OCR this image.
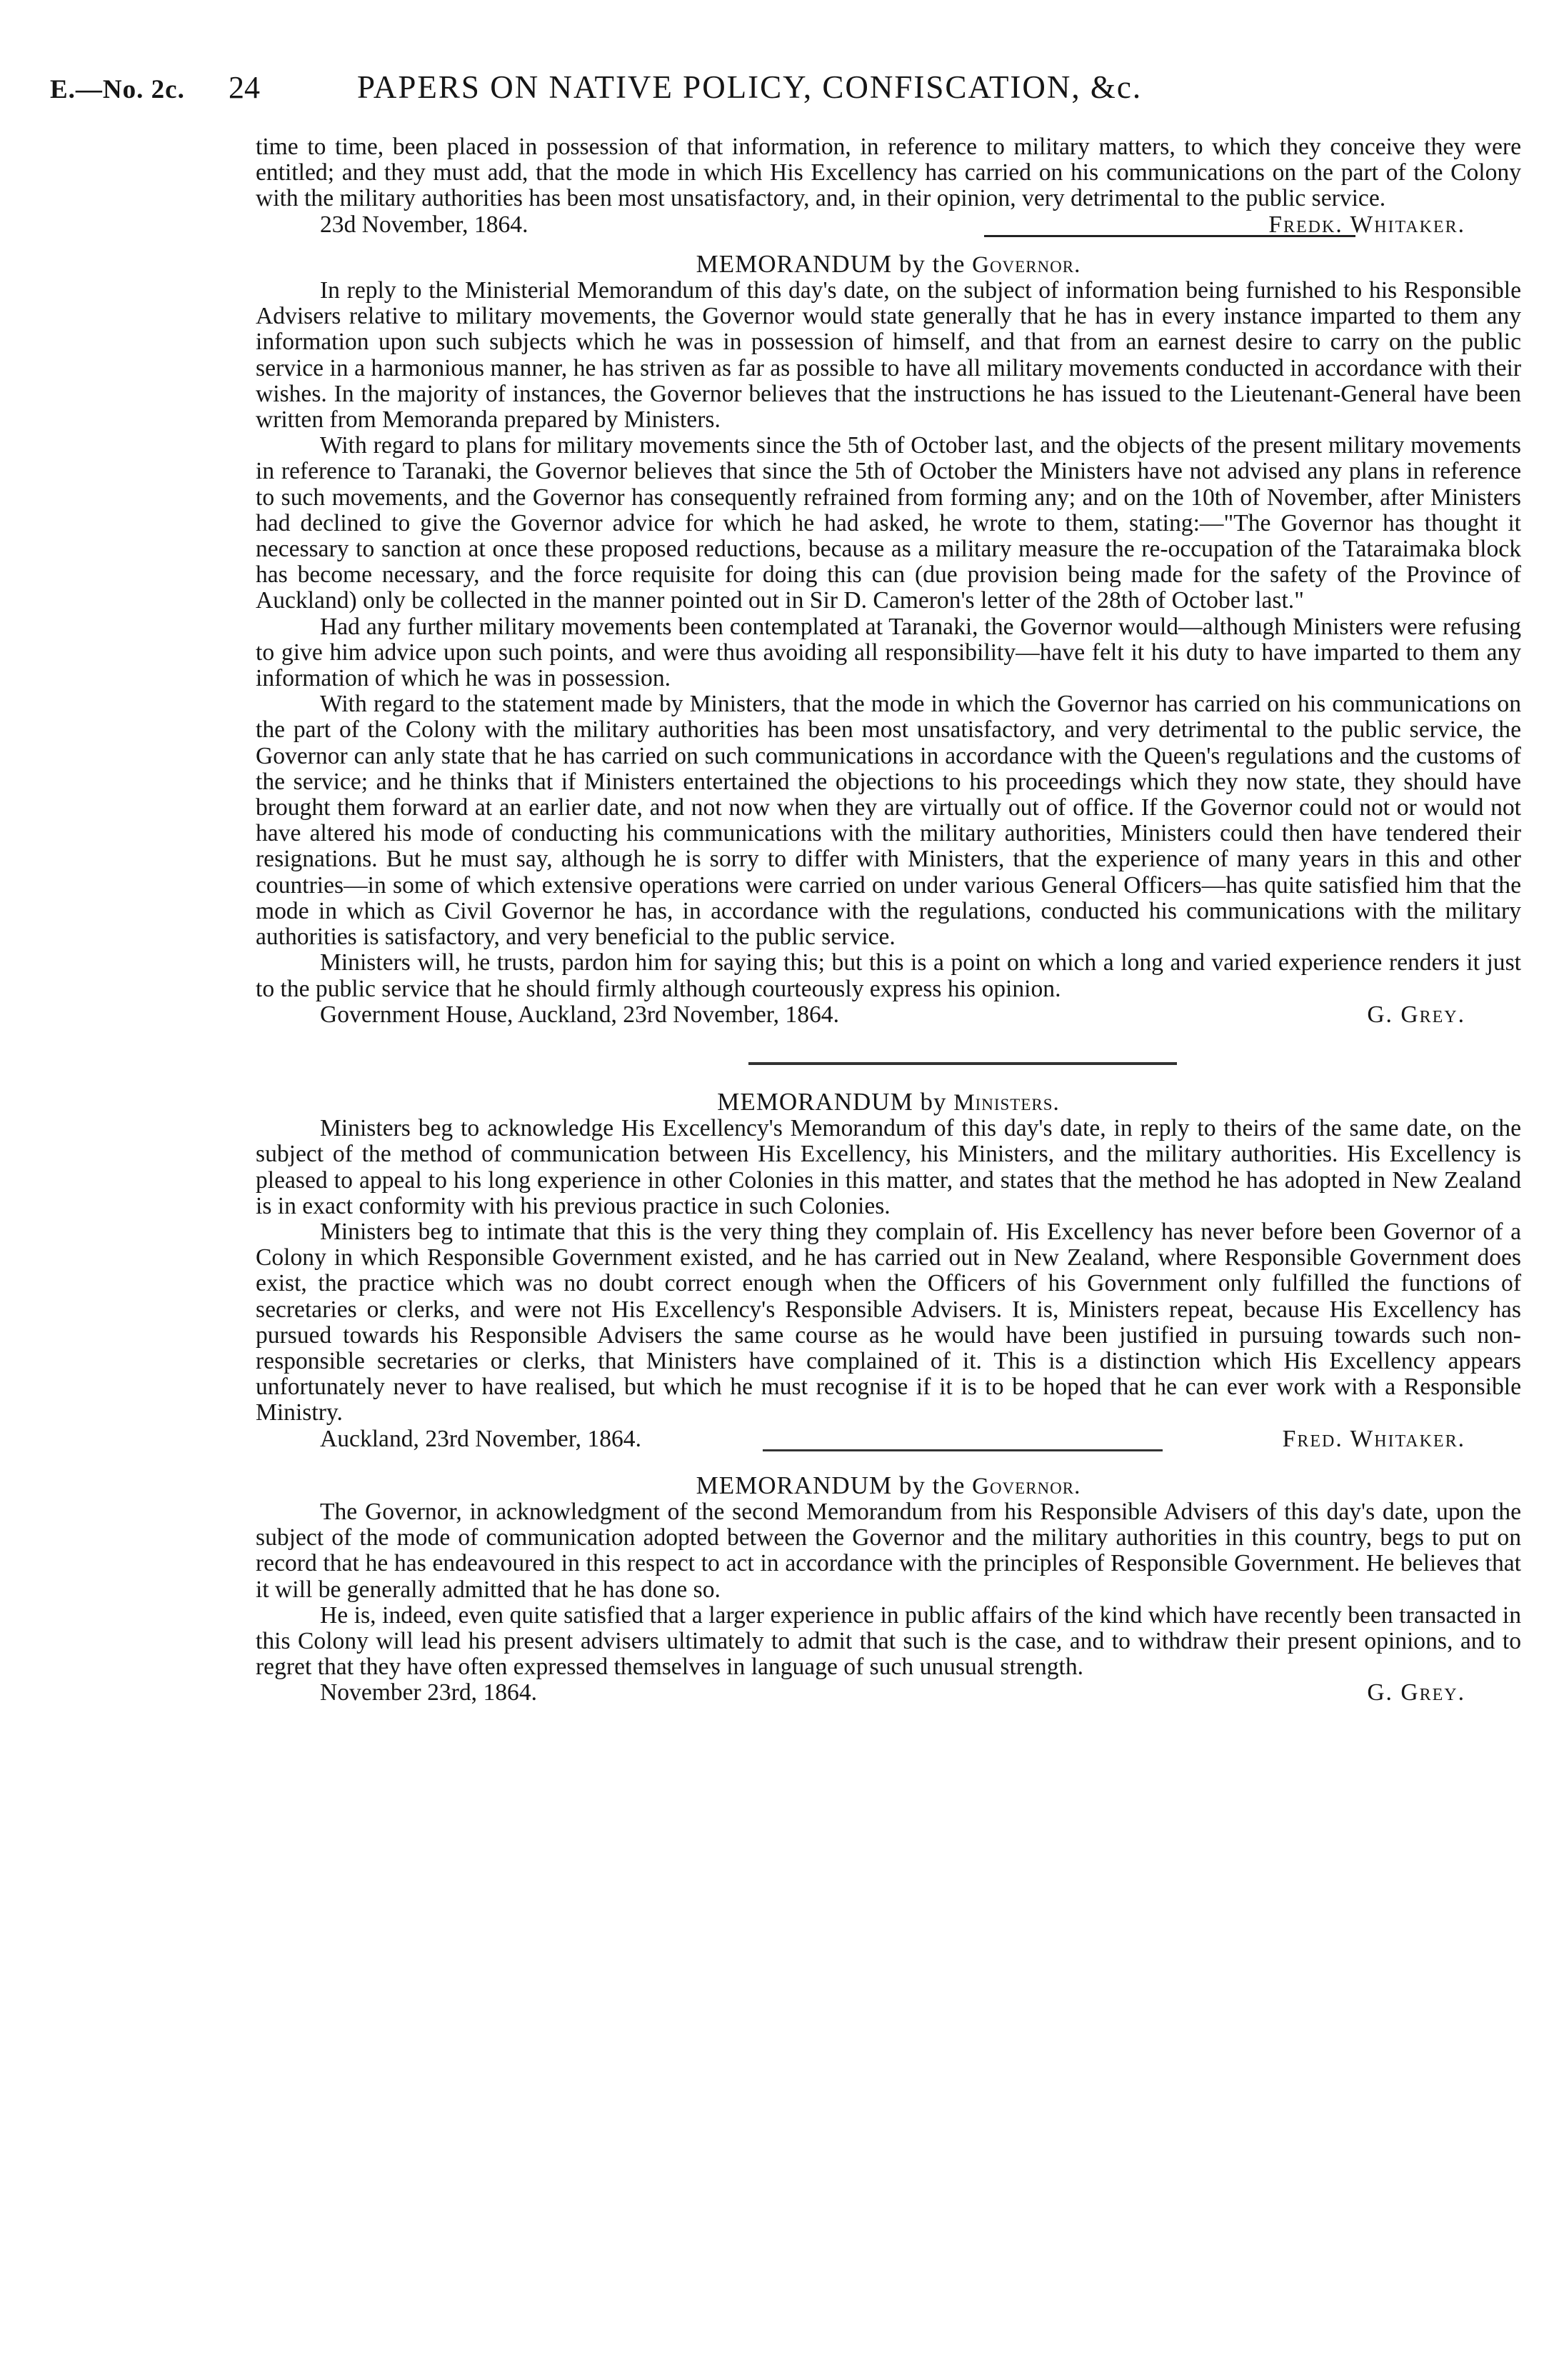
E.—No. 2c.	24	PAPERS ON NATIVE POLICY, CONFISCATION, &c.

time to time, been placed in possession of that information, in reference to military matters, to which they conceive they were entitled; and they must add, that the mode in which His Excellency has carried on his communications on the part of the Colony with the military authorities has been most unsatisfactory, and, in their opinion, very detrimental to the public service.

23d November, 1864.	Fredk. Whitaker.

MEMORANDUM by the Governor.

In reply to the Ministerial Memorandum of this day's date, on the subject of information being furnished to his Responsible Advisers relative to military movements, the Governor would state generally that he has in every instance imparted to them any information upon such subjects which he was in possession of himself, and that from an earnest desire to carry on the public service in a harmonious manner, he has striven as far as possible to have all military movements conducted in accordance with their wishes. In the majority of instances, the Governor believes that the instructions he has issued to the Lieutenant-General have been written from Memoranda prepared by Ministers.

With regard to plans for military movements since the 5th of October last, and the objects of the present military movements in reference to Taranaki, the Governor believes that since the 5th of October the Ministers have not advised any plans in reference to such movements, and the Governor has consequently refrained from forming any; and on the 10th of November, after Ministers had declined to give the Governor advice for which he had asked, he wrote to them, stating:—"The Governor has thought it necessary to sanction at once these proposed reductions, because as a military measure the re-occupation of the Tataraimaka block has become necessary, and the force requisite for doing this can (due provision being made for the safety of the Province of Auckland) only be collected in the manner pointed out in Sir D. Cameron's letter of the 28th of October last."

Had any further military movements been contemplated at Taranaki, the Governor would—although Ministers were refusing to give him advice upon such points, and were thus avoiding all responsibility—have felt it his duty to have imparted to them any information of which he was in possession.

With regard to the statement made by Ministers, that the mode in which the Governor has carried on his communications on the part of the Colony with the military authorities has been most unsatisfactory, and very detrimental to the public service, the Governor can anly state that he has carried on such communications in accordance with the Queen's regulations and the customs of the service; and he thinks that if Ministers entertained the objections to his proceedings which they now state, they should have brought them forward at an earlier date, and not now when they are virtually out of office. If the Governor could not or would not have altered his mode of conducting his communications with the military authorities, Ministers could then have tendered their resignations. But he must say, although he is sorry to differ with Ministers, that the experience of many years in this and other countries—in some of which extensive operations were carried on under various General Officers—has quite satisfied him that the mode in which as Civil Governor he has, in accordance with the regulations, conducted his communications with the military authorities is satisfactory, and very beneficial to the public service.

Ministers will, he trusts, pardon him for saying this; but this is a point on which a long and varied experience renders it just to the public service that he should firmly although courteously express his opinion.

Government House, Auckland, 23rd November, 1864.	G. Grey.

MEMORANDUM by Ministers.

Ministers beg to acknowledge His Excellency's Memorandum of this day's date, in reply to theirs of the same date, on the subject of the method of communication between His Excellency, his Ministers, and the military authorities. His Excellency is pleased to appeal to his long experience in other Colonies in this matter, and states that the method he has adopted in New Zealand is in exact conformity with his previous practice in such Colonies.

Ministers beg to intimate that this is the very thing they complain of. His Excellency has never before been Governor of a Colony in which Responsible Government existed, and he has carried out in New Zealand, where Responsible Government does exist, the practice which was no doubt correct enough when the Officers of his Government only fulfilled the functions of secretaries or clerks, and were not His Excellency's Responsible Advisers. It is, Ministers repeat, because His Excellency has pursued towards his Responsible Advisers the same course as he would have been justified in pursuing towards such non-responsible secretaries or clerks, that Ministers have complained of it. This is a distinction which His Excellency appears unfortunately never to have realised, but which he must recognise if it is to be hoped that he can ever work with a Responsible Ministry.

Auckland, 23rd November, 1864.	Fred. Whitaker.

MEMORANDUM by the Governor.

The Governor, in acknowledgment of the second Memorandum from his Responsible Advisers of this day's date, upon the subject of the mode of communication adopted between the Governor and the military authorities in this country, begs to put on record that he has endeavoured in this respect to act in accordance with the principles of Responsible Government. He believes that it will be generally admitted that he has done so.

He is, indeed, even quite satisfied that a larger experience in public affairs of the kind which have recently been transacted in this Colony will lead his present advisers ultimately to admit that such is the case, and to withdraw their present opinions, and to regret that they have often expressed themselves in language of such unusual strength.

November 23rd, 1864.	G. Grey.
